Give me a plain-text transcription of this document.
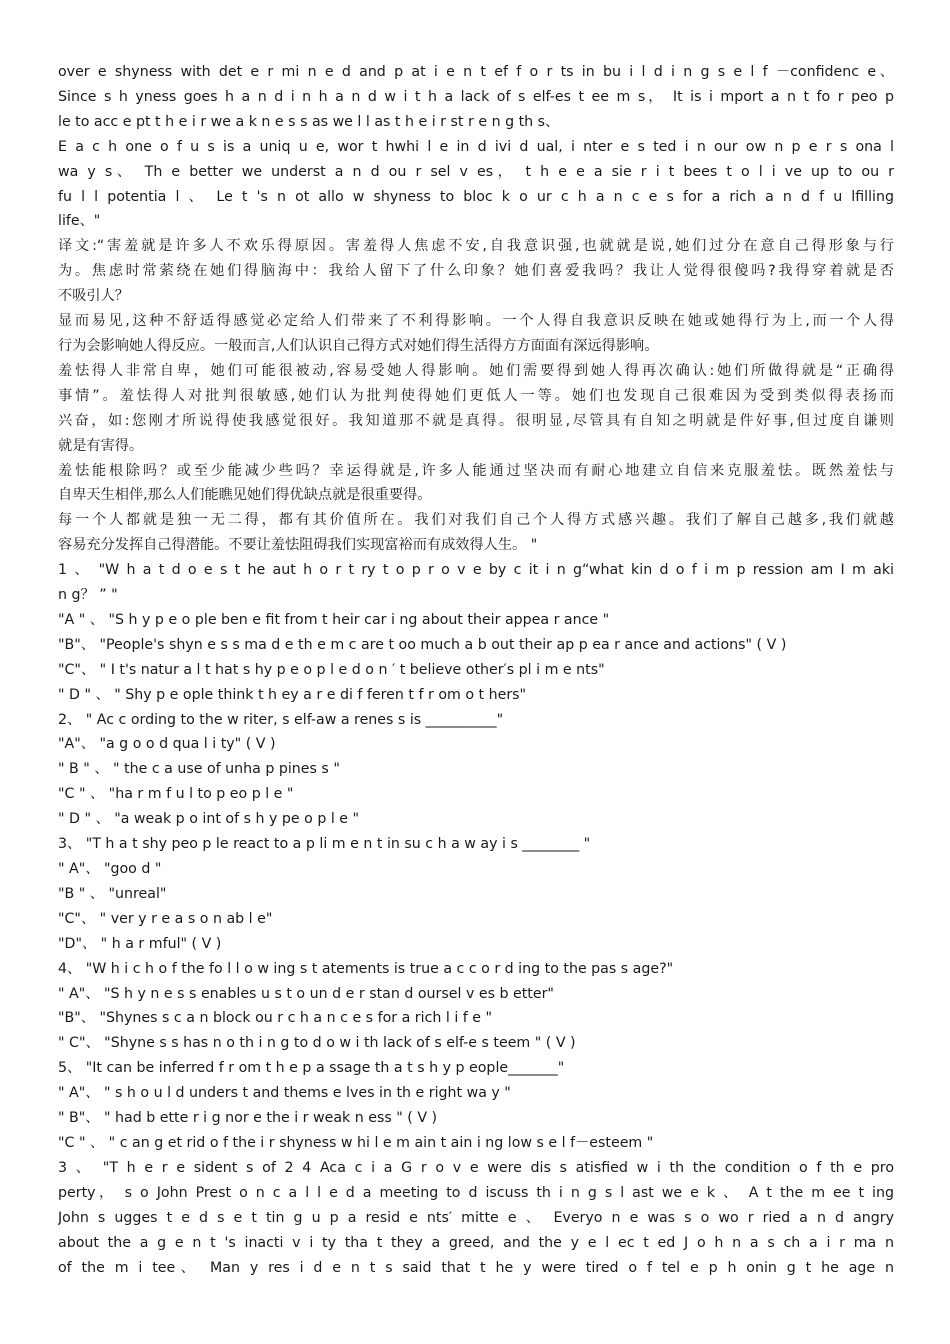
over e shyness with det e r mi n e d and p at i e n t ef f o r ts in bu i l d i n g s e l f －confidenc e、
Since s h yness goes h a n d i n h a n d w i t h a lack of s elf-es t ee m s， It is i mport a n t fo r peo p
le to acc e pt t h e i r we a k n e s s as we l l as t h e i r st r e n g th s、
E a c h one o f u s is a uniq u e, wor t hwhi l e in d ivi d ual, i nter e s ted i n our ow n p e r s ona l
wa y s、 Th e better we underst a n d ou r sel v es， t h e e a sie r i t bees t o l i ve up to ou r
fu l l potentia l 、 Le t 's n ot allo w shyness to bloc k o ur c h a n c e s for a rich a n d f u lfilling
life、"
译文:“害羞就是许多人不欢乐得原因。害羞得人焦虑不安,自我意识强,也就就是说,她们过分在意自己得形象与行
为。焦虑时常萦绕在她们得脑海中：我给人留下了什么印象？她们喜爱我吗？我让人觉得很傻吗?我得穿着就是否
不吸引人？
显而易见,这种不舒适得感觉必定给人们带来了不利得影响。一个人得自我意识反映在她或她得行为上,而一个人得
行为会影响她人得反应。一般而言,人们认识自己得方式对她们得生活得方方面面有深远得影响。
羞怯得人非常自卑，她们可能很被动,容易受她人得影响。她们需要得到她人得再次确认:她们所做得就是“正确得
事情”。羞怯得人对批判很敏感,她们认为批判使得她们更低人一等。她们也发现自己很难因为受到类似得表扬而
兴奋，如:您刚才所说得使我感觉很好。我知道那不就是真得。很明显,尽管具有自知之明就是件好事,但过度自谦则
就是有害得。
羞怯能根除吗？或至少能减少些吗？幸运得就是,许多人能通过坚决而有耐心地建立自信来克服羞怯。既然羞怯与
自卑天生相伴,那么人们能瞧见她们得优缺点就是很重要得。
每一个人都就是独一无二得，都有其价值所在。我们对我们自己个人得方式感兴趣。我们了解自己越多,我们就越
容易充分发挥自己得潜能。不要让羞怯阻碍我们实现富裕而有成效得人生。 "
1 、 "W h a t d o e s t he aut h o r t ry t o p r o v e by c it i n g“what kin d o f i m p ression am I m aki
n g？ ” "
"A " 、 "S h y p e o ple ben e fit from t heir car i ng about their appea r ance "
"B"、 "People's shyn e s s ma d e th e m c are t oo much a b out their ap p ea r ance and actions" ( V )
"C"、 " I t's natur a l t hat s hy p e o p l e d o n ′ t believe other′s pl i m e nts"
" D " 、 " Shy p e ople think t h ey a r e di f feren t f r om o t hers"
2、 " Ac c ording to the w riter, s elf-aw a renes s is __________"
"A"、 "a g o o d qua l i ty" ( V )
" B " 、 " the c a use of unha p pines s "
"C " 、 "ha r m f u l to p eo p l e "
" D " 、 "a weak p o int of s h y pe o p l e "
3、 "T h a t shy peo p le react to a p li m e n t in su c h a w ay i s ________ "
" A"、 "goo d "
"B " 、 "unreal"
"C"、 " ver y r e a s o n ab l e"
"D"、 " h a r mful" ( V )
4、 "W h i c h o f the fo l l o w ing s t atements is true a c c o r d ing to the pas s age?"
" A"、 "S h y n e s s enables u s t o un d e r stan d oursel v es b etter"
"B"、 "Shynes s c a n block ou r c h a n c e s for a rich l i f e "
" C"、 "Shyne s s has n o th i n g to d o w i th lack of s elf-e s teem " ( V )
5、 "It can be inferred f r om t h e p a ssage th a t s h y p eople_______"
" A"、 " s h o u l d unders t and thems e lves in th e right wa y "
" B"、 " had b ette r i g nor e the i r weak n ess " ( V )
"C " 、 " c an g et rid o f the i r shyness w hi l e m ain t ain i ng low s e l f－esteem "
3 、 "T h e r e sident s of 2 4 Aca c i a G r o v e were dis s atisfied w i th the condition o f th e pro
perty， s o John Prest o n c a l l e d a meeting to d iscuss th i n g s l ast we e k 、 A t the m ee t ing
John s ugges t e d s e t tin g u p a resid e nts′ mitte e 、 Everyo n e was s o wo r ried a n d angry
about the a g e n t 's inacti v i ty tha t they a greed, and the y e l ec t ed J o h n a s ch a i r ma n
of the m i tee、 Man y res i d e n t s said that t he y were tired o f tel e p h onin g t he age n
